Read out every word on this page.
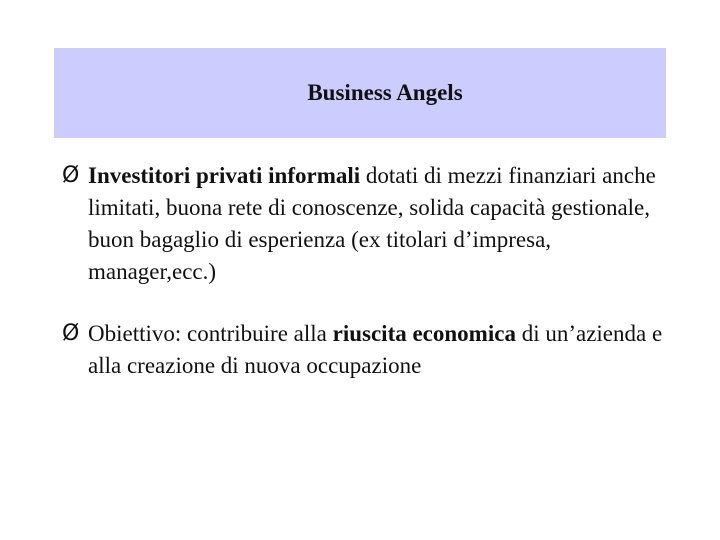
Business Angels
Ø Investitori privati informali dotati di mezzi finanziari anche limitati, buona rete di conoscenze, solida capacità gestionale, buon bagaglio di esperienza (ex titolari d’impresa, manager,ecc.)
Ø Obiettivo: contribuire alla riuscita economica di un’azienda e alla creazione di nuova occupazione
